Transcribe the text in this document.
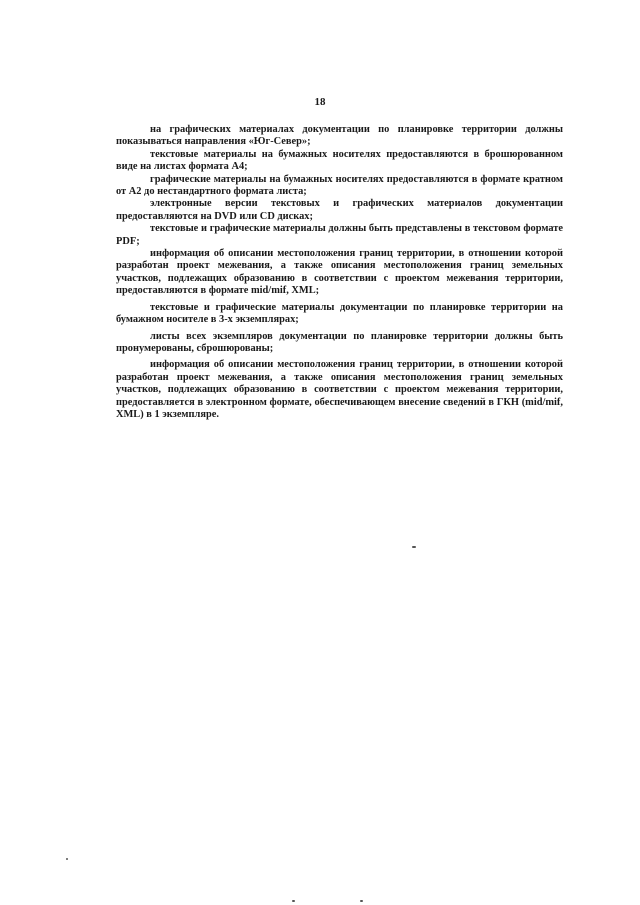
18

на графических материалах документации по планировке территории должны показываться направления «Юг-Север»;

текстовые материалы на бумажных носителях предоставляются в брошюрованном виде на листах формата А4;

графические материалы на бумажных носителях предоставляются в формате кратном от А2 до нестандартного формата листа;

электронные версии текстовых и графических материалов документации предоставляются на DVD или CD дисках;

текстовые и графические материалы должны быть представлены в текстовом формате PDF;

информация об описании местоположения границ территории, в отношении которой разработан проект межевания, а также описания местоположения границ земельных участков, подлежащих образованию в соответствии с проектом межевания территории, предоставляются в формате mid/mif, XML;

текстовые и графические материалы документации по планировке территории на бумажном носителе в 3-х экземплярах;

листы всех экземпляров документации по планировке территории должны быть пронумерованы, сброшюрованы;

информация об описании местоположения границ территории, в отношении которой разработан проект межевания, а также описания местоположения границ земельных участков, подлежащих образованию в соответствии с проектом межевания территории, предоставляется в электронном формате, обеспечивающем внесение сведений в ГКН (mid/mif, XML) в 1 экземпляре.
